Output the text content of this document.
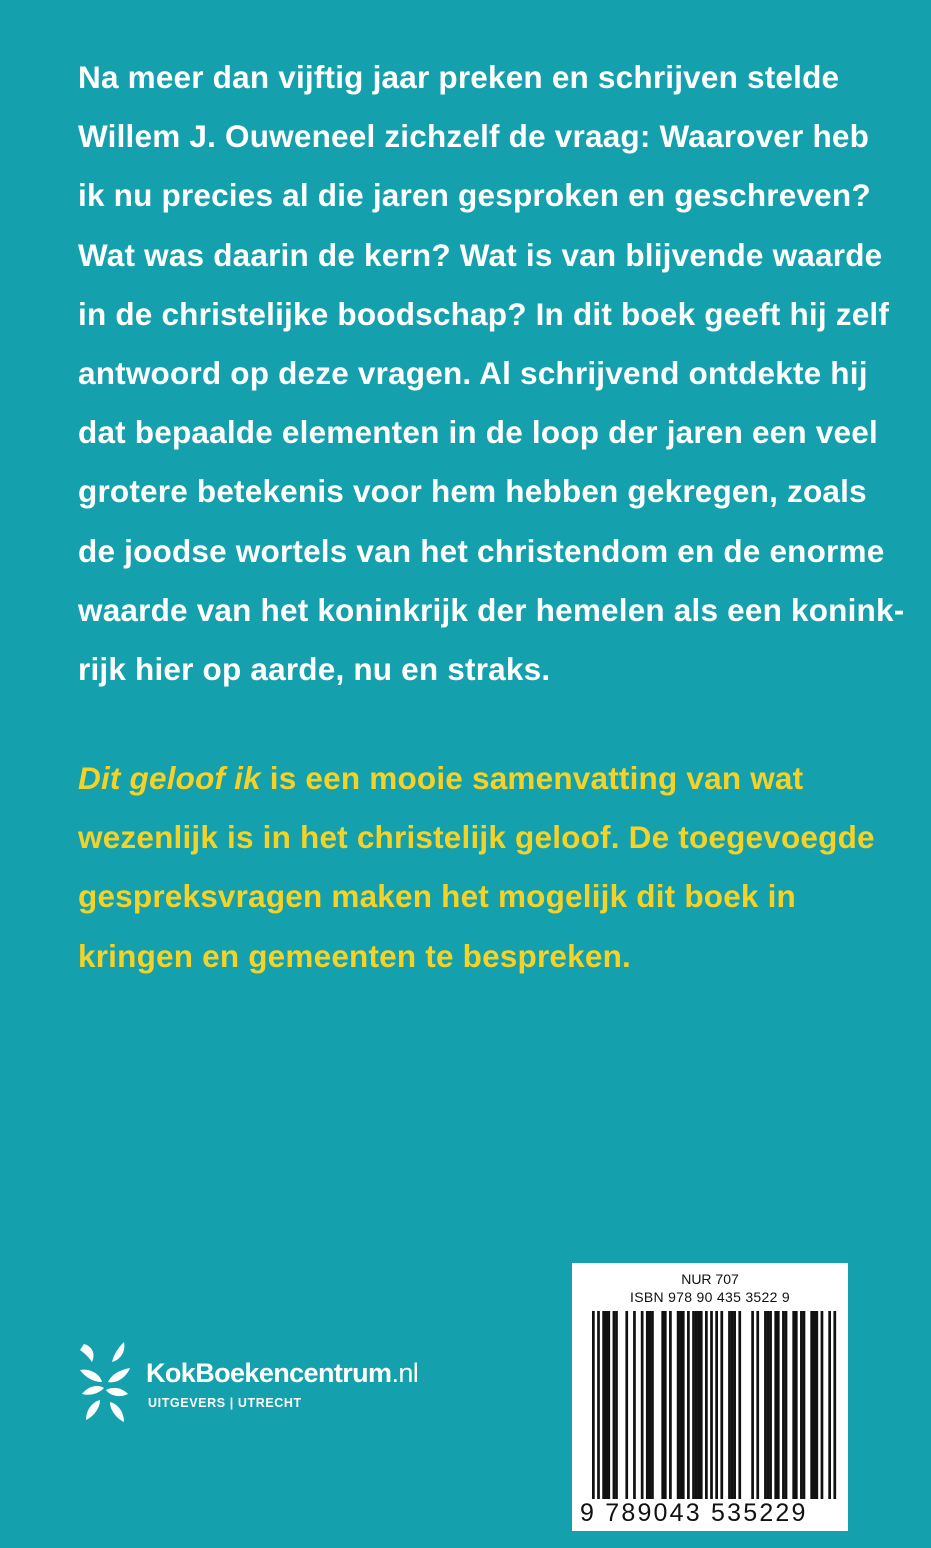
Na meer dan vijftig jaar preken en schrijven stelde
Willem J. Ouweneel zichzelf de vraag: Waarover heb
ik nu precies al die jaren gesproken en geschreven?
Wat was daarin de kern? Wat is van blijvende waarde
in de christelijke boodschap? In dit boek geeft hij zelf
antwoord op deze vragen. Al schrijvend ontdekte hij
dat bepaalde elementen in de loop der jaren een veel
grotere betekenis voor hem hebben gekregen, zoals
de joodse wortels van het christendom en de enorme
waarde van het koninkrijk der hemelen als een konink-
rijk hier op aarde, nu en straks.
Dit geloof ik is een mooie samenvatting van wat
wezenlijk is in het christelijk geloof. De toegevoegde
gespreksvragen maken het mogelijk dit boek in
kringen en gemeenten te bespreken.
KokBoekencentrum.nl
UITGEVERS | UTRECHT
NUR 707
ISBN 978 90 435 3522 9
9 789043 535229
